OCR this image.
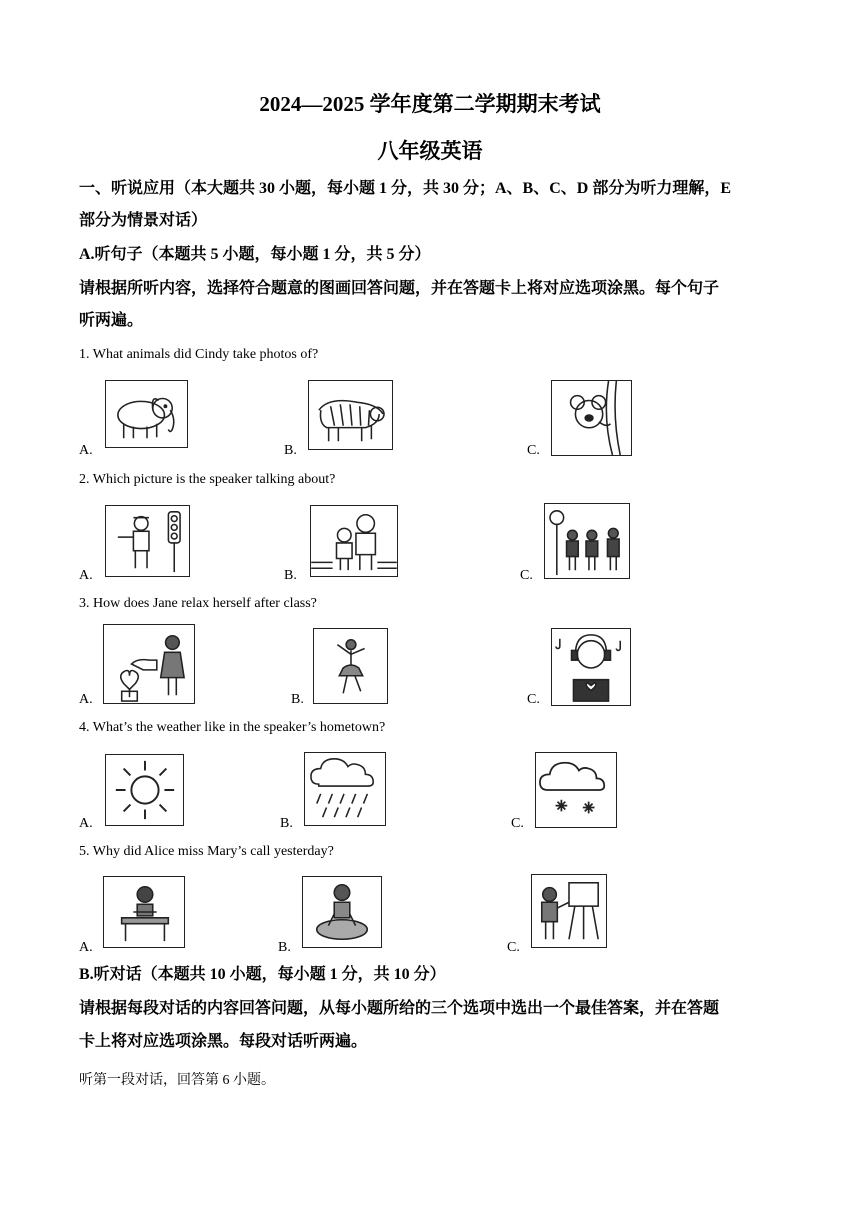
2024—2025 学年度第二学期期末考试
八年级英语
一、听说应用（本大题共 30 小题，每小题 1 分，共 30 分；A、B、C、D 部分为听力理解，E
部分为情景对话）
A.听句子（本题共 5 小题，每小题 1 分，共 5 分）
请根据所听内容，选择符合题意的图画回答问题，并在答题卡上将对应选项涂黑。每个句子
听两遍。
1. What animals did Cindy take photos of?
A.	B.	C.
2. Which picture is the speaker talking about?
A.	B.	C.
3. How does Jane relax herself after class?
A.	B.	C.
4. What’s the weather like in the speaker’s hometown?
A.	B.	C.
5. Why did Alice miss Mary’s call yesterday?
A.	B.	C.
B.听对话（本题共 10 小题，每小题 1 分，共 10 分）
请根据每段对话的内容回答问题，从每小题所给的三个选项中选出一个最佳答案，并在答题
卡上将对应选项涂黑。每段对话听两遍。
听第一段对话，回答第 6 小题。
